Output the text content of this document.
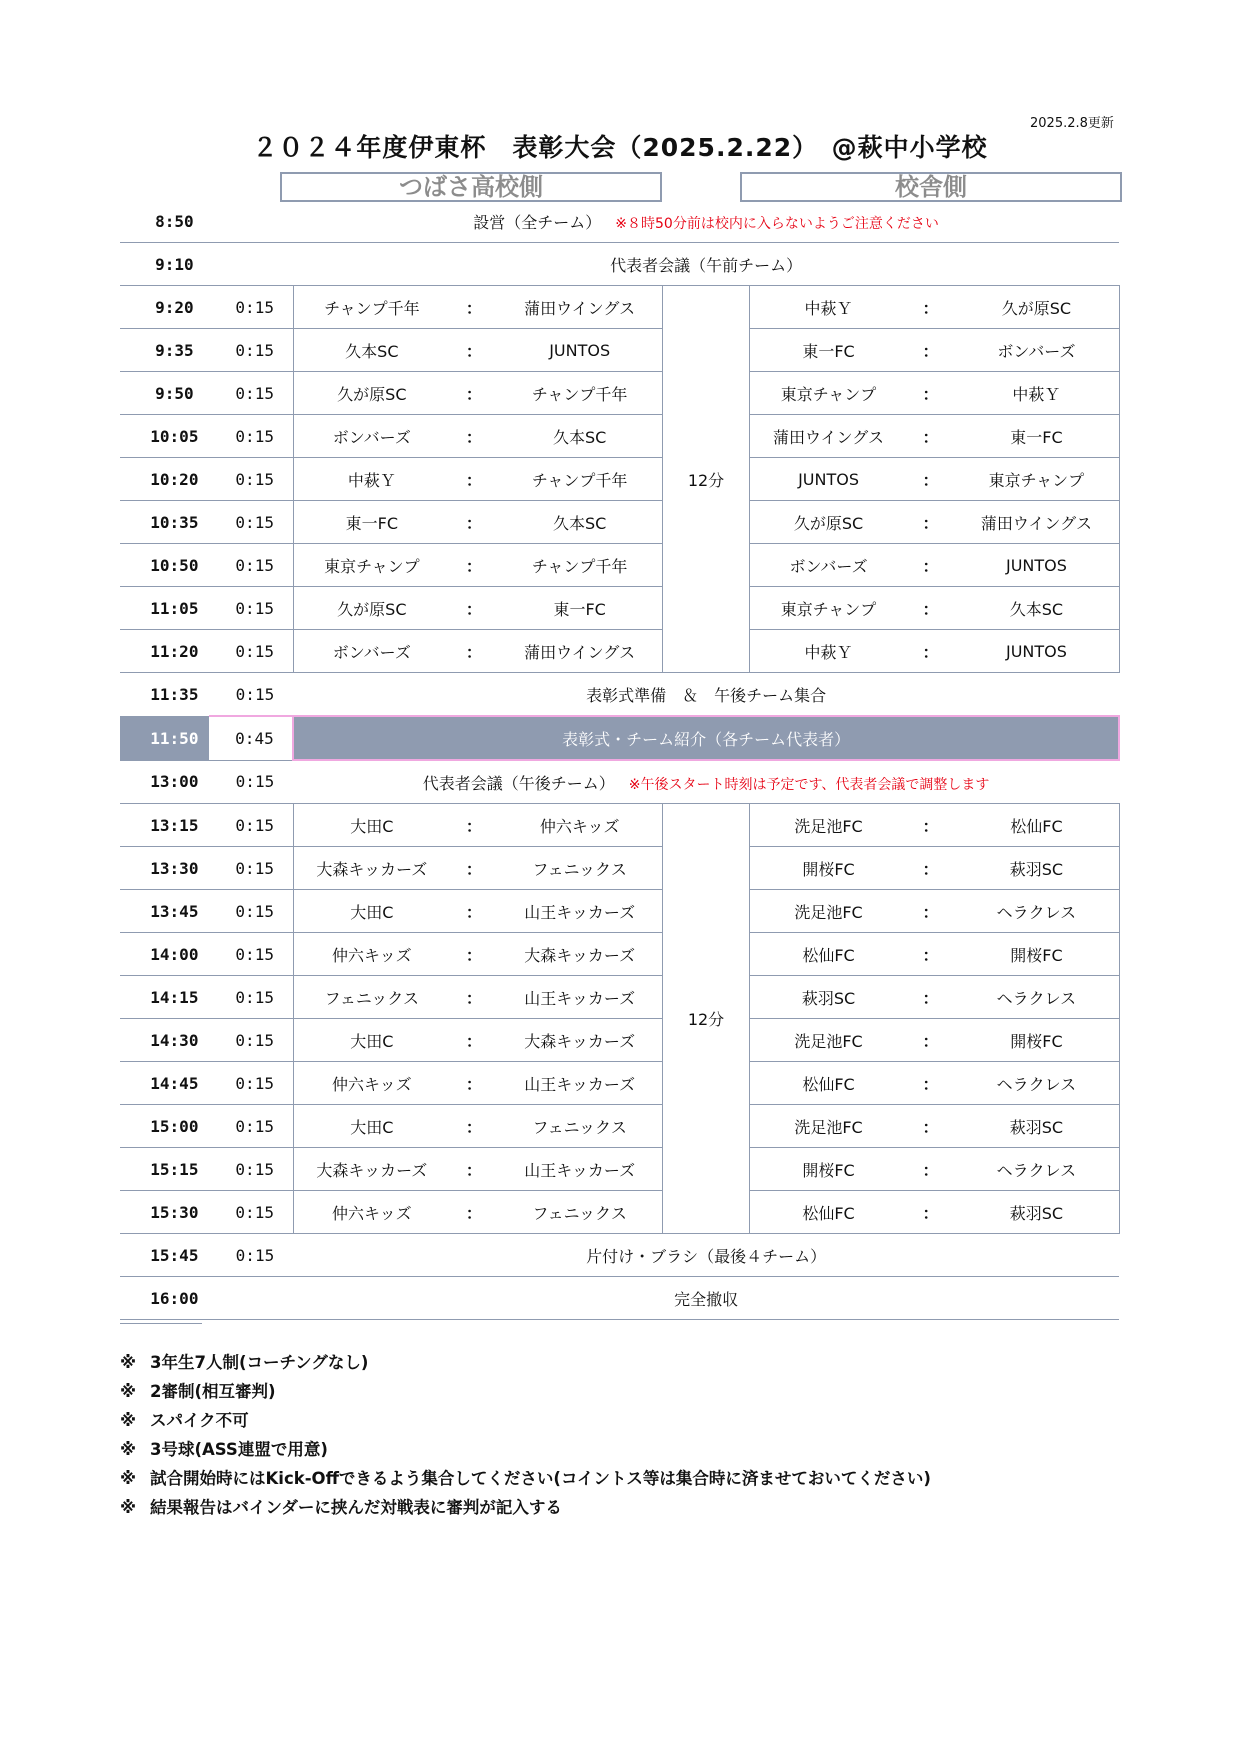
2025.2.8更新
２０２４年度伊東杯　表彰大会（2025.2.22）　@萩中小学校
つばさ高校側	校舎側
8:50		設営（全チーム） ※８時50分前は校内に入らないようご注意ください						
9:10		代表者会議（午前チーム）						
9:20	0:15	チャンプ千年	：	蒲田ウイングス	12分	中萩Ｙ	：	久が原SC
9:35	0:15	久本SC	：	JUNTOS		東一FC	：	ボンバーズ
9:50	0:15	久が原SC	：	チャンプ千年		東京チャンプ	：	中萩Ｙ
10:05	0:15	ボンバーズ	：	久本SC		蒲田ウイングス	：	東一FC
10:20	0:15	中萩Ｙ	：	チャンプ千年		JUNTOS	：	東京チャンプ
10:35	0:15	東一FC	：	久本SC		久が原SC	：	蒲田ウイングス
10:50	0:15	東京チャンプ	：	チャンプ千年		ボンバーズ	：	JUNTOS
11:05	0:15	久が原SC	：	東一FC		東京チャンプ	：	久本SC
11:20	0:15	ボンバーズ	：	蒲田ウイングス		中萩Ｙ	：	JUNTOS
11:35	0:15	表彰式準備　＆　午後チーム集合						
11:50	0:45	表彰式・チーム紹介（各チーム代表者）						
13:00	0:15	代表者会議（午後チーム） ※午後スタート時刻は予定です、代表者会議で調整します						
13:15	0:15	大田C	：	仲六キッズ	12分	洗足池FC	：	松仙FC
13:30	0:15	大森キッカーズ	：	フェニックス		開桜FC	：	萩羽SC
13:45	0:15	大田C	：	山王キッカーズ		洗足池FC	：	ヘラクレス
14:00	0:15	仲六キッズ	：	大森キッカーズ		松仙FC	：	開桜FC
14:15	0:15	フェニックス	：	山王キッカーズ		萩羽SC	：	ヘラクレス
14:30	0:15	大田C	：	大森キッカーズ		洗足池FC	：	開桜FC
14:45	0:15	仲六キッズ	：	山王キッカーズ		松仙FC	：	ヘラクレス
15:00	0:15	大田C	：	フェニックス		洗足池FC	：	萩羽SC
15:15	0:15	大森キッカーズ	：	山王キッカーズ		開桜FC	：	ヘラクレス
15:30	0:15	仲六キッズ	：	フェニックス		松仙FC	：	萩羽SC
15:45	0:15	片付け・ブラシ（最後４チーム）						
16:00		完全撤収						
※ 3年生7人制(コーチングなし)
※ 2審制(相互審判)
※ スパイク不可
※ 3号球(ASS連盟で用意)
※ 試合開始時にはKick-Offできるよう集合してください(コイントス等は集合時に済ませておいてください)
※ 結果報告はバインダーに挟んだ対戦表に審判が記入する
